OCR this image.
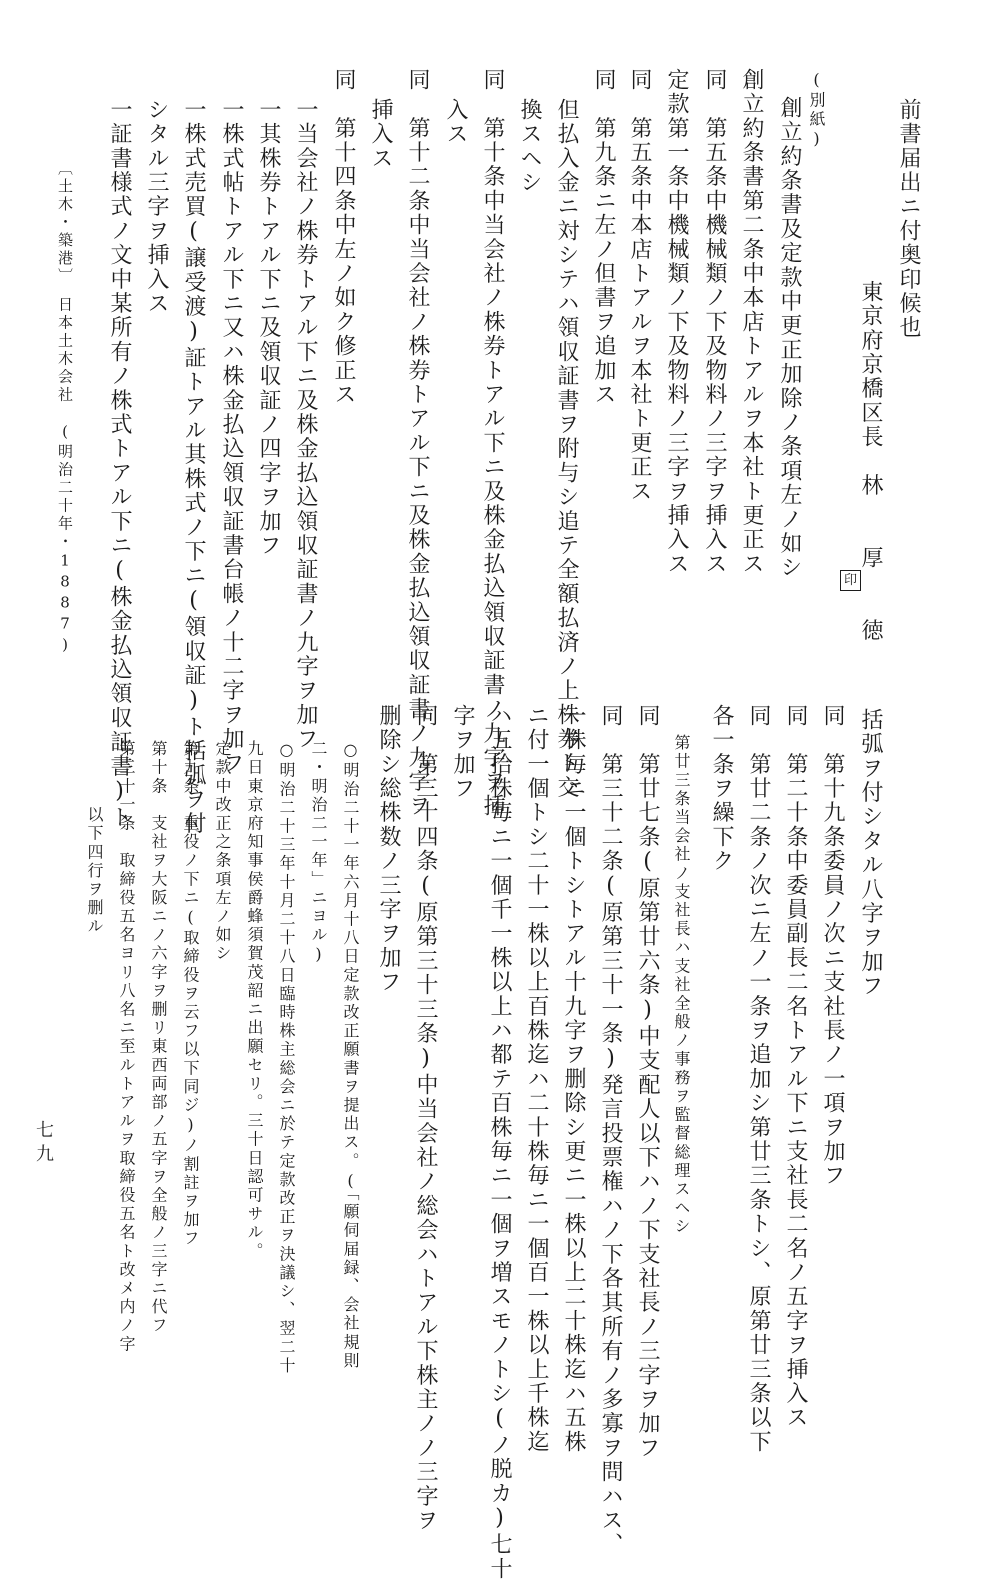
前書届出ニ付奥印候也
東京府京橋区長　林　　厚　　徳
印
(別紙)
創立約条書及定款中更正加除ノ条項左ノ如シ
創立約条書第二条中本店トアルヲ本社ト更正ス
同　第五条中機械類ノ下及物料ノ三字ヲ挿入ス
定款第一条中機械類ノ下及物料ノ三字ヲ挿入ス
同　第五条中本店トアルヲ本社ト更正ス
同　第九条ニ左ノ但書ヲ追加ス
但払入金ニ対シテハ領収証書ヲ附与シ追テ全額払済ノ上株券ト交
換スヘシ
同　第十条中当会社ノ株券トアル下ニ及株金払込領収証書ノ九字ヲ挿
入ス
同　第十二条中当会社ノ株券トアル下ニ及株金払込領収証書ノ九字ヲ
挿入ス
同　第十四条中左ノ如ク修正ス
一当会社ノ株券トアル下ニ及株金払込領収証書ノ九字ヲ加フ
一其株券トアル下ニ及領収証ノ四字ヲ加フ
一株式帖トアル下ニ又ハ株金払込領収証書台帳ノ十二字ヲ加フ
一株式売買(譲受渡)証トアル其株式ノ下ニ(領収証)ト括弧ヲ付
シタル三字ヲ挿入ス
一証書様式ノ文中某所有ノ株式トアル下ニ(株金払込領収証書)ト
〔土木・築港〕　日本土木会社　(明治二十年・1887)
括弧ヲ付シタル八字ヲ加フ
同　第十九条委員ノ次ニ支社長ノ一項ヲ加フ
同　第二十条中委員副長二名トアル下ニ支社長二名ノ五字ヲ挿入ス
同　第廿二条ノ次ニ左ノ一条ヲ追加シ第廿三条トシ、原第廿三条以下
各一条ヲ繰下ク
第廿三条当会社ノ支社長ハ支社全般ノ事務ヲ監督総理スヘシ
同　第廿七条(原第廿六条)中支配人以下ハノ下支社長ノ三字ヲ加フ
同　第三十二条(原第三十一条)発言投票権ハノ下各其所有ノ多寡ヲ問ハス、
一株毎ニ一個トシトアル十九字ヲ删除シ更ニ一株以上二十株迄ハ五株
ニ付一個トシ二十一株以上百株迄ハ二十株毎ニ一個百一株以上千株迄
ハ五拾株毎ニ一個千一株以上ハ都テ百株毎ニ一個ヲ増スモノトシ(ノ脱カ)七十
字ヲ加フ
同　第三十四条(原第三十三条)中当会社ノ総会ハトアル下株主ノノ三字ヲ
删除シ総株数ノ三字ヲ加フ
○明治二十一年六月十八日定款改正願書ヲ提出ス。(「願伺届録、会社規則
二・明治二一年」ニヨル)
○明治二十三年十月二十八日臨時株主総会ニ於テ定款改正ヲ決議シ、翌二十
九日東京府知事侯爵蜂須賀茂韶ニ出願セリ。三十日認可サル。
定款中改正之条項左ノ如シ
第九条　重役ノ下ニ(取締役ヲ云フ以下同ジ)ノ割註ヲ加フ
第十条　支社ヲ大阪ニノ六字ヲ删リ東西両部ノ五字ヲ全般ノ三字ニ代フ
第三十一条　取締役五名ヨリ八名ニ至ルトアルヲ取締役五名ト改メ内ノ字
以下四行ヲ删ル
七九
